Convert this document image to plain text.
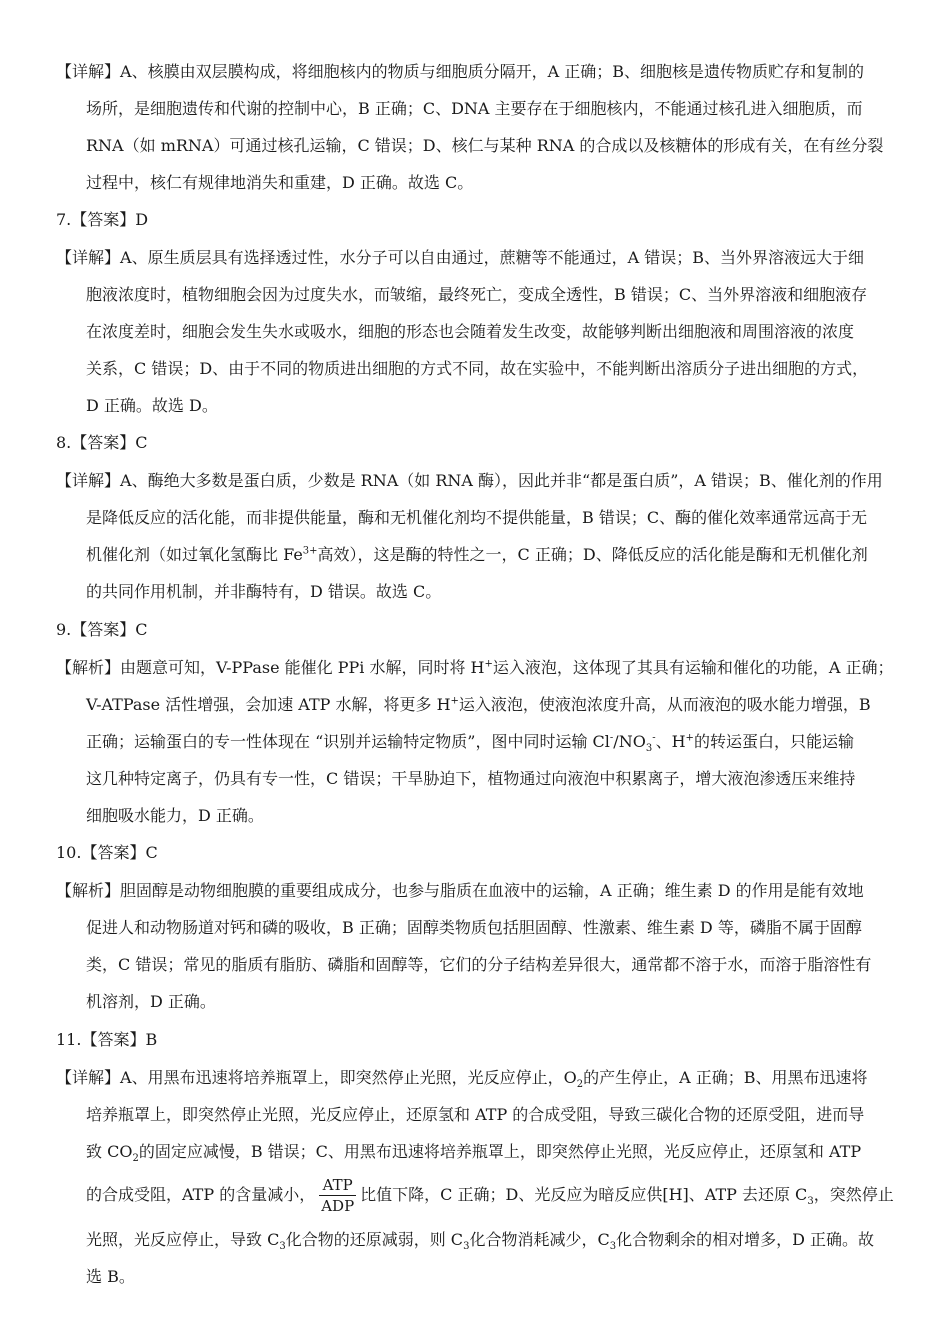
【详解】A、核膜由双层膜构成，将细胞核内的物质与细胞质分隔开，A 正确；B、细胞核是遗传物质贮存和复制的
场所，是细胞遗传和代谢的控制中心，B 正确；C、DNA 主要存在于细胞核内，不能通过核孔进入细胞质，而
RNA（如 mRNA）可通过核孔运输，C 错误；D、核仁与某种 RNA 的合成以及核糖体的形成有关，在有丝分裂
过程中，核仁有规律地消失和重建，D 正确。故选 C。
7.【答案】D
【详解】A、原生质层具有选择透过性，水分子可以自由通过，蔗糖等不能通过，A 错误；B、当外界溶液远大于细
胞液浓度时，植物细胞会因为过度失水，而皱缩，最终死亡，变成全透性，B 错误；C、当外界溶液和细胞液存
在浓度差时，细胞会发生失水或吸水，细胞的形态也会随着发生改变，故能够判断出细胞液和周围溶液的浓度
关系，C 错误；D、由于不同的物质进出细胞的方式不同，故在实验中，不能判断出溶质分子进出细胞的方式，
D 正确。故选 D。
8.【答案】C
【详解】A、酶绝大多数是蛋白质，少数是 RNA（如 RNA 酶），因此并非“都是蛋白质”，A 错误；B、催化剂的作用
是降低反应的活化能，而非提供能量，酶和无机催化剂均不提供能量，B 错误；C、酶的催化效率通常远高于无
机催化剂（如过氧化氢酶比 $Fe^{3+}$高效），这是酶的特性之一，C 正确；D、降低反应的活化能是酶和无机催化剂
的共同作用机制，并非酶特有，D 错误。故选 C。
9.【答案】C
【解析】由题意可知，V-PPase 能催化 PPi 水解，同时将 H+运入液泡，这体现了其具有运输和催化的功能，A 正确；
V-ATPase 活性增强，会加速 ATP 水解，将更多 H+运入液泡，使液泡浓度升高，从而液泡的吸水能力增强，B
正确；运输蛋白的专一性体现在 “识别并运输特定物质”，图中同时运输 $Cl^-/NO_3^-$、H+的转运蛋白，只能运输
这几种特定离子，仍具有专一性，C 错误；干旱胁迫下，植物通过向液泡中积累离子，增大液泡渗透压来维持
细胞吸水能力，D 正确。
10.【答案】C
【解析】胆固醇是动物细胞膜的重要组成成分，也参与脂质在血液中的运输，A 正确；维生素 D 的作用是能有效地
促进人和动物肠道对钙和磷的吸收，B 正确；固醇类物质包括胆固醇、性激素、维生素 D 等，磷脂不属于固醇
类，C 错误；常见的脂质有脂肪、磷脂和固醇等，它们的分子结构差异很大，通常都不溶于水，而溶于脂溶性有
机溶剂，D 正确。
11.【答案】B
【详解】A、用黑布迅速将培养瓶罩上，即突然停止光照，光反应停止，$O_2$的产生停止，A 正确；B、用黑布迅速将
培养瓶罩上，即突然停止光照，光反应停止，还原氢和 ATP 的合成受阻，导致三碳化合物的还原受阻，进而导
致 $CO_2$的固定应减慢，B 错误；C、用黑布迅速将培养瓶罩上，即突然停止光照，光反应停止，还原氢和 ATP
的合成受阻，ATP 的含量减小， $\frac{\text{ATP}}{\text{ADP}}$ 比值下降，C 正确；D、光反应为暗反应供[H]、ATP 去还原 $C_3$，突然停止
光照，光反应停止，导致 $C_3$化合物的还原减弱，则 $C_3$化合物消耗减少，$C_3$化合物剩余的相对增多，D 正确。故
选 B。
